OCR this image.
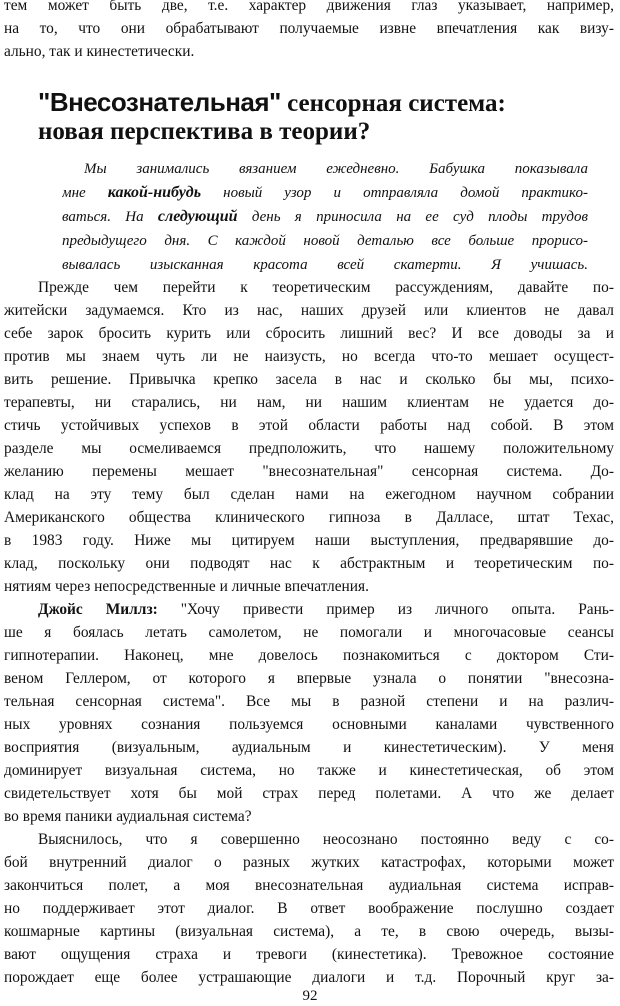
тем может быть две, т.е. характер движения глаз указывает, например,
на то, что они обрабатывают получаемые извне впечатления как визу-
ально, так и кинестетически.
"Внесознательная" сенсорная система:
новая перспектива в теории?
Мы занимались вязанием ежедневно. Бабушка показывала
мне какой-нибудь новый узор и отправляла домой практико-
ваться. На следующий день я приносила на ее суд плоды трудов
предыдущего дня. С каждой новой деталью все больше прорисо-
вывалась изысканная красота всей скатерти. Я учишась.
Прежде чем перейти к теоретическим рассуждениям, давайте по-
житейски задумаемся. Кто из нас, наших друзей или клиентов не давал
себе зарок бросить курить или сбросить лишний вес? И все доводы за и
против мы знаем чуть ли не наизусть, но всегда что-то мешает осущест-
вить решение. Привычка крепко засела в нас и сколько бы мы, психо-
терапевты, ни старались, ни нам, ни нашим клиентам не удается до-
стичь устойчивых успехов в этой области работы над собой. В этом
разделе мы осмеливаемся предположить, что нашему положительному
желанию перемены мешает "внесознательная" сенсорная система. До-
клад на эту тему был сделан нами на ежегодном научном собрании
Американского общества клинического гипноза в Далласе, штат Техас,
в 1983 году. Ниже мы цитируем наши выступления, предварявшие до-
клад, поскольку они подводят нас к абстрактным и теоретическим по-
нятиям через непосредственные и личные впечатления.
Джойс Миллз: "Хочу привести пример из личного опыта. Рань-
ше я боялась летать самолетом, не помогали и многочасовые сеансы
гипнотерапии. Наконец, мне довелось познакомиться с доктором Сти-
веном Геллером, от которого я впервые узнала о понятии "внесозна-
тельная сенсорная система". Все мы в разной степени и на различ-
ных уровнях сознания пользуемся основными каналами чувственного
восприятия (визуальным, аудиальным и кинестетическим). У меня
доминирует визуальная система, но также и кинестетическая, об этом
свидетельствует хотя бы мой страх перед полетами. А что же делает
во время паники аудиальная система?
Выяснилось, что я совершенно неосознано постоянно веду с со-
бой внутренний диалог о разных жутких катастрофах, которыми может
закончиться полет, а моя внесознательная аудиальная система исправ-
но поддерживает этот диалог. В ответ воображение послушно создает
кошмарные картины (визуальная система), а те, в свою очередь, вызы-
вают ощущения страха и тревоги (кинестетика). Тревожное состояние
порождает еще более устрашающие диалоги и т.д. Порочный круг за-
92
